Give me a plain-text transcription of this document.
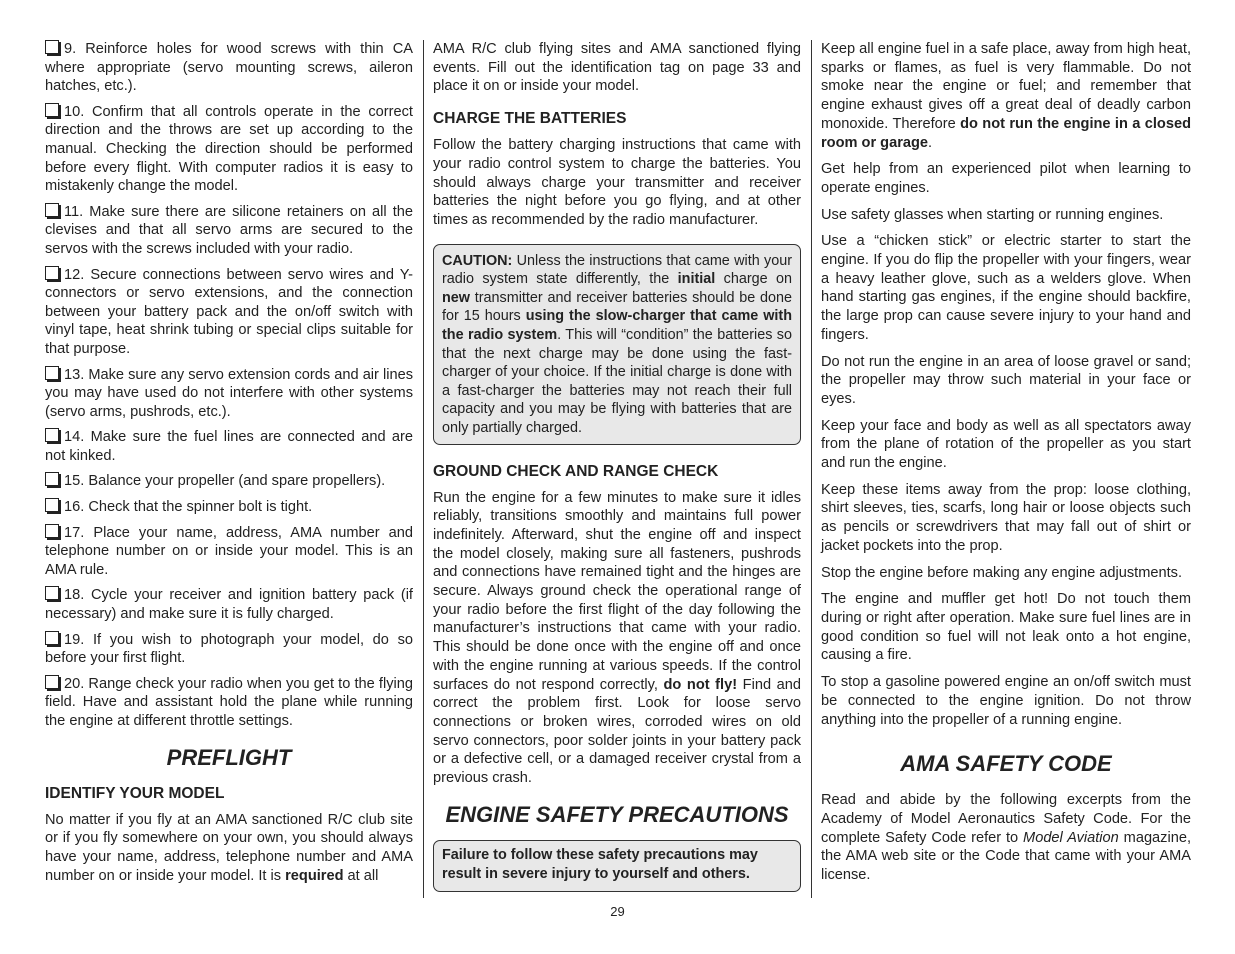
9. Reinforce holes for wood screws with thin CA where appropriate (servo mounting screws, aileron hatches, etc.).
10. Confirm that all controls operate in the correct direction and the throws are set up according to the manual. Checking the direction should be performed before every flight. With computer radios it is easy to mistakenly change the model.
11. Make sure there are silicone retainers on all the clevises and that all servo arms are secured to the servos with the screws included with your radio.
12. Secure connections between servo wires and Y-connectors or servo extensions, and the connection between your battery pack and the on/off switch with vinyl tape, heat shrink tubing or special clips suitable for that purpose.
13. Make sure any servo extension cords and air lines you may have used do not interfere with other systems (servo arms, pushrods, etc.).
14. Make sure the fuel lines are connected and are not kinked.
15. Balance your propeller (and spare propellers).
16. Check that the spinner bolt is tight.
17. Place your name, address, AMA number and telephone number on or inside your model. This is an AMA rule.
18. Cycle your receiver and ignition battery pack (if necessary) and make sure it is fully charged.
19. If you wish to photograph your model, do so before your first flight.
20. Range check your radio when you get to the flying field. Have and assistant hold the plane while running the engine at different throttle settings.
PREFLIGHT
IDENTIFY YOUR MODEL

No matter if you fly at an AMA sanctioned R/C club site or if you fly somewhere on your own, you should always have your name, address, telephone number and AMA number on or inside your model. It is required at all

AMA R/C club flying sites and AMA sanctioned flying events. Fill out the identification tag on page 33 and place it on or inside your model.

CHARGE THE BATTERIES

Follow the battery charging instructions that came with your radio control system to charge the batteries. You should always charge your transmitter and receiver batteries the night before you go flying, and at other times as recommended by the radio manufacturer.

CAUTION: Unless the instructions that came with your radio system state differently, the initial charge on new transmitter and receiver batteries should be done for 15 hours using the slow-charger that came with the radio system. This will “condition” the batteries so that the next charge may be done using the fast-charger of your choice. If the initial charge is done with a fast-charger the batteries may not reach their full capacity and you may be flying with batteries that are only partially charged.
GROUND CHECK AND RANGE CHECK

Run the engine for a few minutes to make sure it idles reliably, transitions smoothly and maintains full power indefinitely. Afterward, shut the engine off and inspect the model closely, making sure all fasteners, pushrods and connections have remained tight and the hinges are secure. Always ground check the operational range of your radio before the first flight of the day following the manufacturer’s instructions that came with your radio. This should be done once with the engine off and once with the engine running at various speeds. If the control surfaces do not respond correctly, do not fly! Find and correct the problem first. Look for loose servo connections or broken wires, corroded wires on old servo connectors, poor solder joints in your battery pack or a defective cell, or a damaged receiver crystal from a previous crash.

ENGINE SAFETY PRECAUTIONS
Failure to follow these safety precautions may result in severe injury to yourself and others.

Keep all engine fuel in a safe place, away from high heat, sparks or flames, as fuel is very flammable. Do not smoke near the engine or fuel; and remember that engine exhaust gives off a great deal of deadly carbon monoxide. Therefore do not run the engine in a closed room or garage.

Get help from an experienced pilot when learning to operate engines.

Use safety glasses when starting or running engines.

Use a “chicken stick” or electric starter to start the engine. If you do flip the propeller with your fingers, wear a heavy leather glove, such as a welders glove. When hand starting gas engines, if the engine should backfire, the large prop can cause severe injury to your hand and fingers.

Do not run the engine in an area of loose gravel or sand; the propeller may throw such material in your face or eyes.

Keep your face and body as well as all spectators away from the plane of rotation of the propeller as you start and run the engine.

Keep these items away from the prop: loose clothing, shirt sleeves, ties, scarfs, long hair or loose objects such as pencils or screwdrivers that may fall out of shirt or jacket pockets into the prop.

Stop the engine before making any engine adjustments.

The engine and muffler get hot! Do not touch them during or right after operation. Make sure fuel lines are in good condition so fuel will not leak onto a hot engine, causing a fire.

To stop a gasoline powered engine an on/off switch must be connected to the engine ignition. Do not throw anything into the propeller of a running engine.

AMA SAFETY CODE

Read and abide by the following excerpts from the Academy of Model Aeronautics Safety Code. For the complete Safety Code refer to Model Aviation magazine, the AMA web site or the Code that came with your AMA license.

29
